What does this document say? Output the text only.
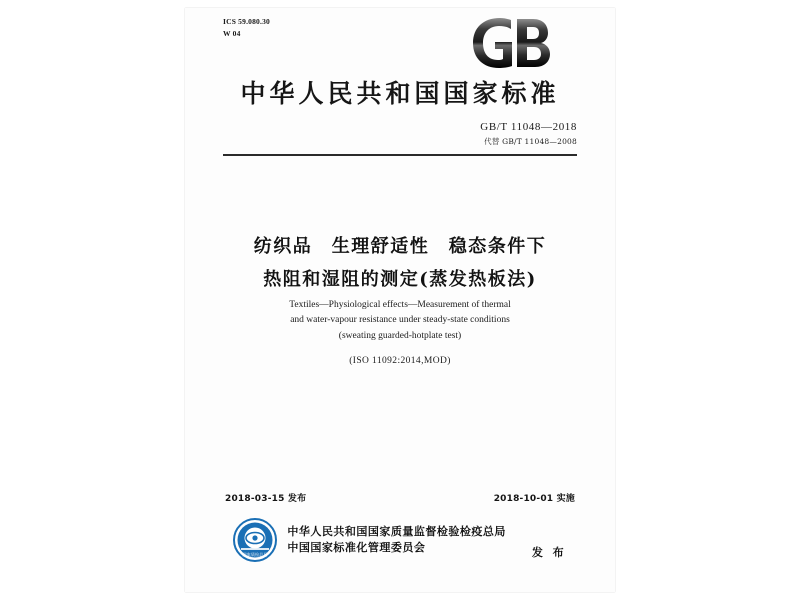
ICS 59.080.30
W 04
中华人民共和国国家标准
GB/T 11048—2018
代替 GB/T 11048—2008
纺织品　生理舒适性　稳态条件下
热阻和湿阻的测定(蒸发热板法)
Textiles—Physiological effects—Measurement of thermal
and water-vapour resistance under steady-state conditions
(sweating guarded-hotplate test)
(ISO 11092:2014,MOD)
2018-03-15 发布	2018-10-01 实施
国家质检总局
中华人民共和国国家质量监督检验检疫总局
中国国家标准化管理委员会	发 布
